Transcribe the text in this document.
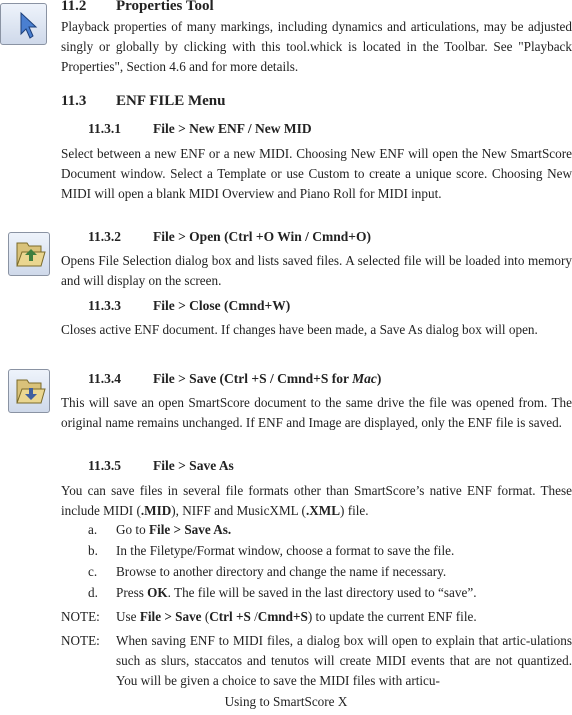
11.2 Properties Tool
Playback properties of many markings, including dynamics and articulations, may be adjusted singly or globally by clicking with this tool.whick is located in the Toolbar. See "Playback Properties", Section 4.6 and for more details.
11.3 ENF FILE Menu
11.3.1 File > New ENF / New MID
Select between a new ENF or a new MIDI. Choosing New ENF will open the New SmartScore Document window. Select a Template or use Custom to create a unique score. Choosing New MIDI will open a blank MIDI Overview and Piano Roll for MIDI input.
11.3.2 File > Open (Ctrl +O Win / Cmnd+O)
Opens File Selection dialog box and lists saved files. A selected file will be loaded into memory and will display on the screen.
11.3.3 File > Close (Cmnd+W)
Closes active ENF document. If changes have been made, a Save As dialog box will open.
11.3.4 File > Save (Ctrl +S / Cmnd+S for Mac)
This will save an open SmartScore document to the same drive the file was opened from. The original name remains unchanged. If ENF and Image are displayed, only the ENF file is saved.
11.3.5 File > Save As
You can save files in several file formats other than SmartScore’s native ENF format. These include MIDI (.MID), NIFF and MusicXML (.XML) file.
a. Go to File > Save As.
b. In the Filetype/Format window, choose a format to save the file.
c. Browse to another directory and change the name if necessary.
d. Press OK. The file will be saved in the last directory used to “save”.
NOTE: Use File > Save (Ctrl +S /Cmnd+S) to update the current ENF file.
NOTE: When saving ENF to MIDI files, a dialog box will open to explain that artic-ulations such as slurs, staccatos and tenutos will create MIDI events that are not quantized. You will be given a choice to save the MIDI files with articu-
Using to SmartScore X
